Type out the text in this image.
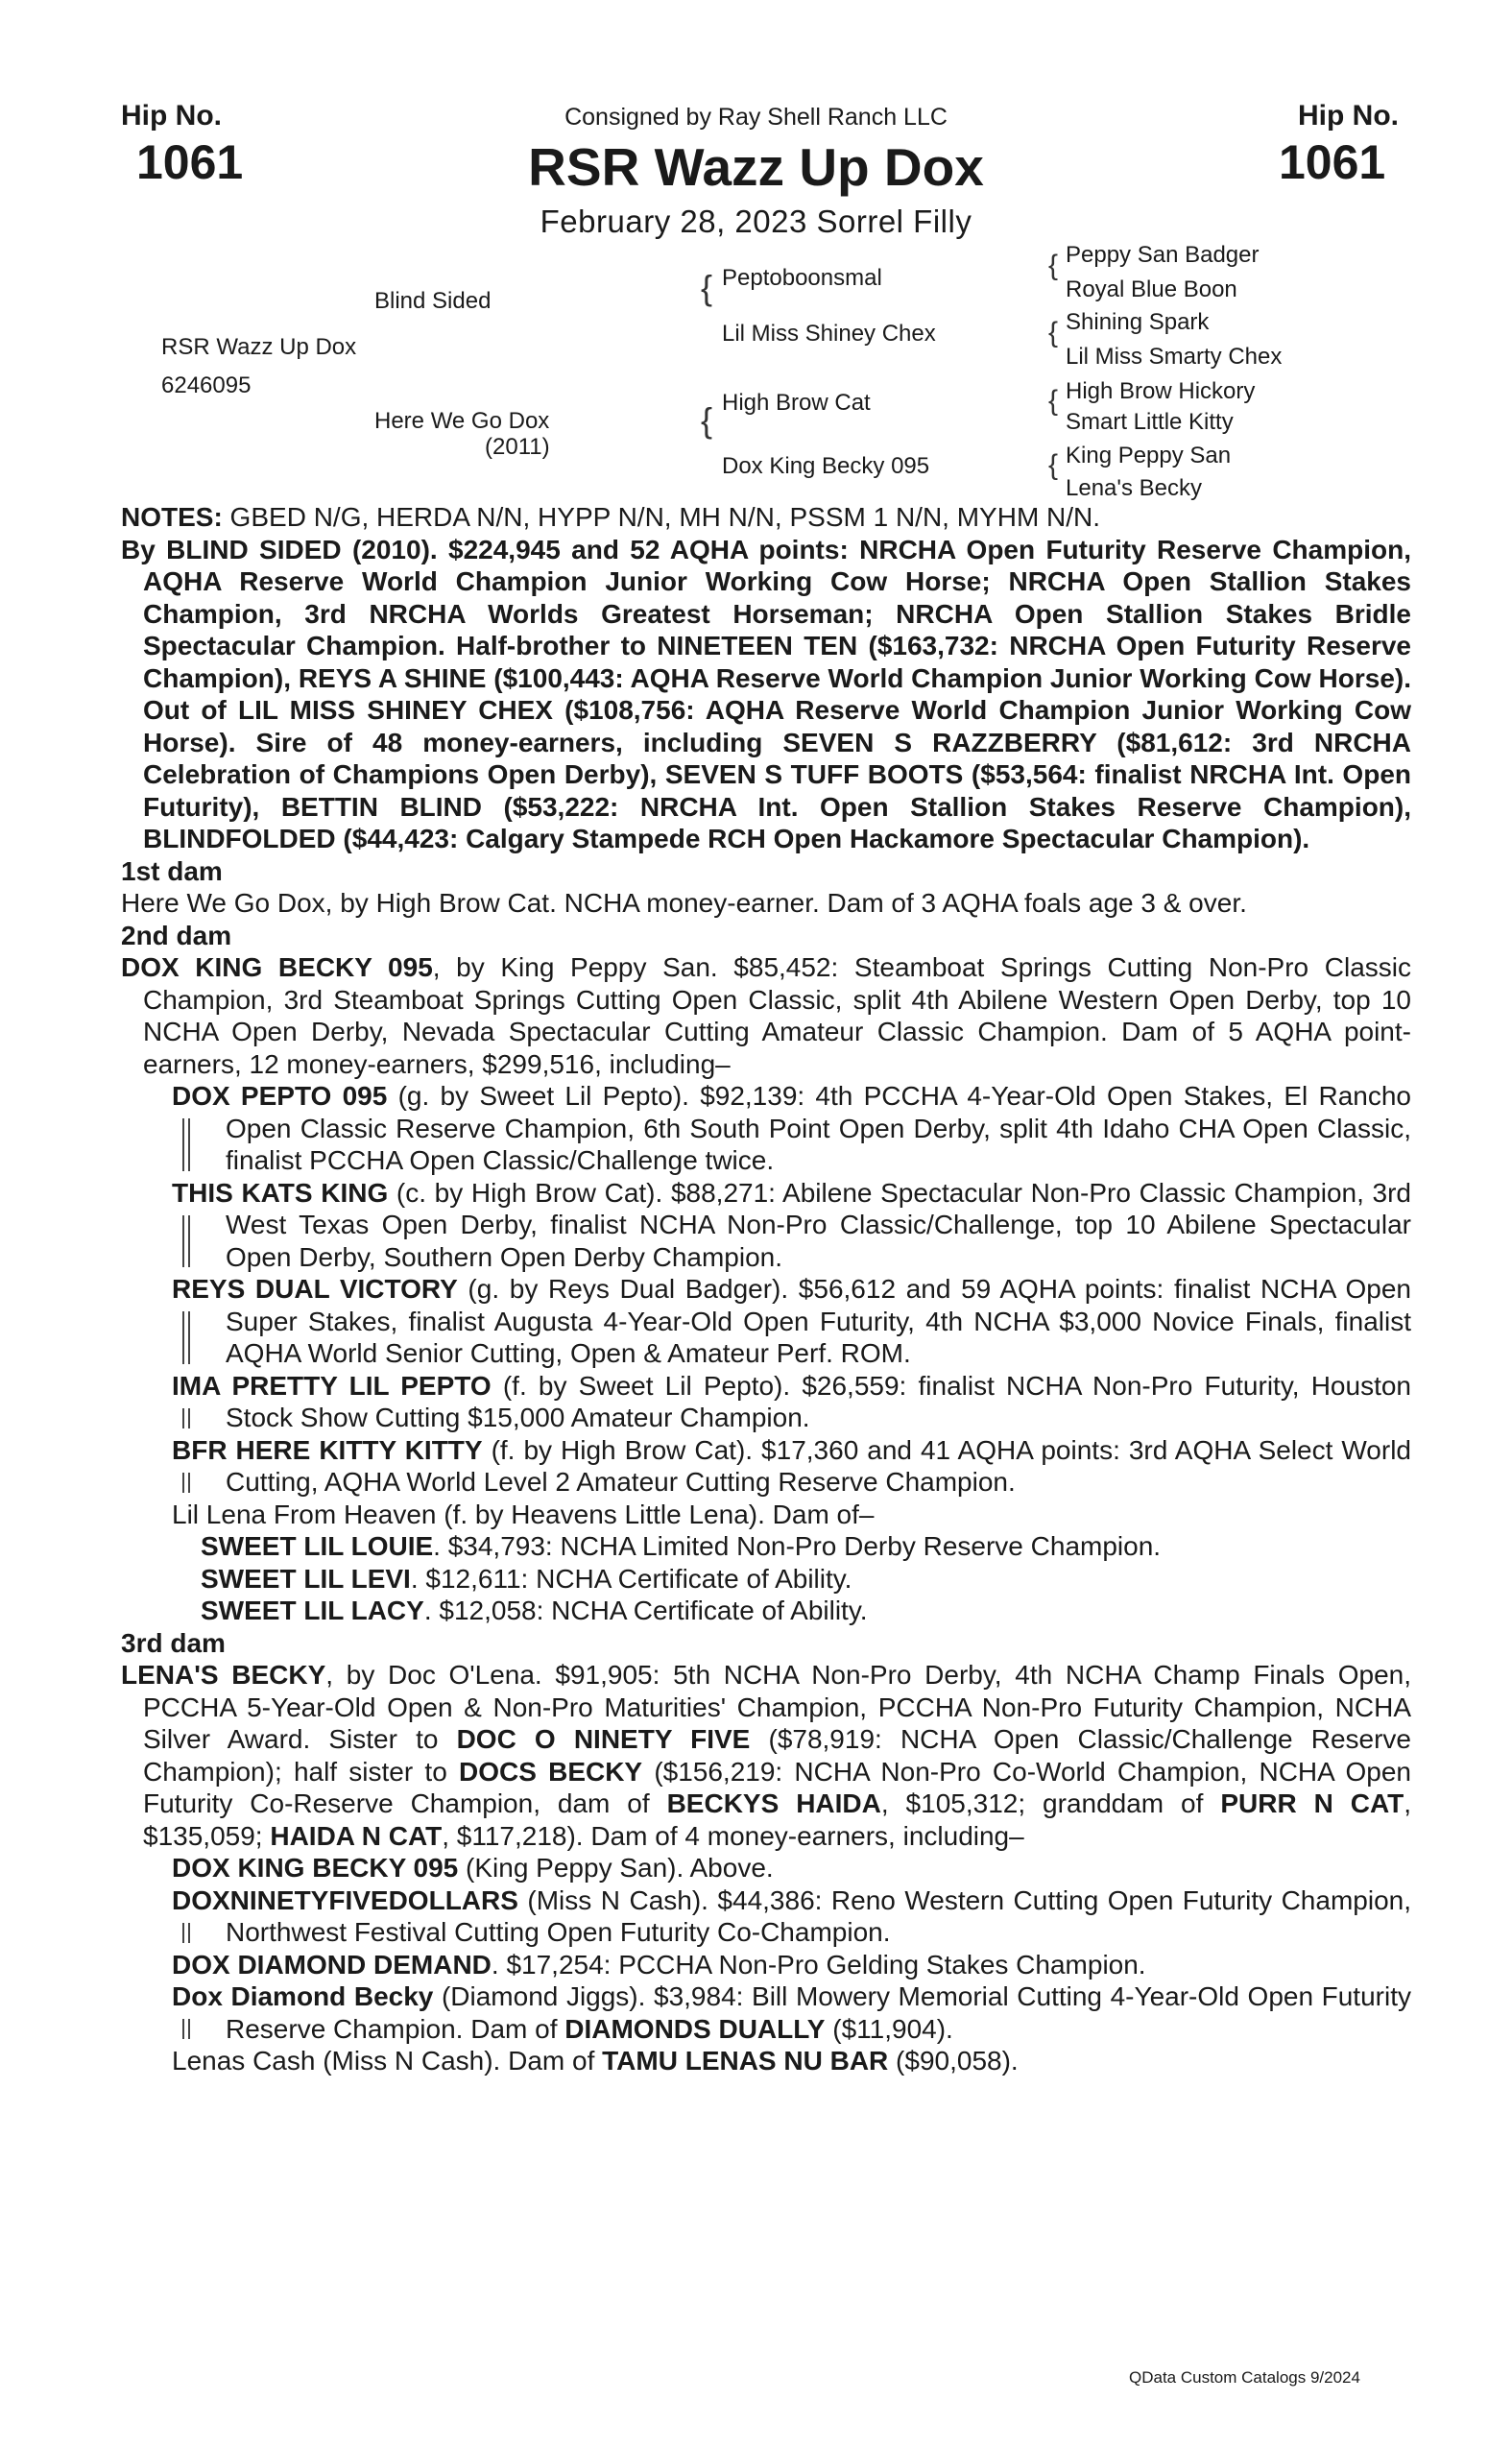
Hip No.
1061
Hip No.
1061
Consigned by Ray Shell Ranch LLC
RSR Wazz Up Dox
February 28, 2023 Sorrel Filly
RSR Wazz Up Dox
6246095
Blind Sided
Here We Go Dox
(2011)
{ Peptoboonsmal
Lil Miss Shiney Chex
{ High Brow Cat
Dox King Becky 095
{ Peppy San Badger
Royal Blue Boon
{ Shining Spark
Lil Miss Smarty Chex
{ High Brow Hickory
Smart Little Kitty
{ King Peppy San
Lena's Becky

NOTES: GBED N/G, HERDA N/N, HYPP N/N, MH N/N, PSSM 1 N/N, MYHM N/N.

By BLIND SIDED (2010). $224,945 and 52 AQHA points: NRCHA Open Futurity Reserve Champion, AQHA Reserve World Champion Junior Working Cow Horse; NRCHA Open Stallion Stakes Champion, 3rd NRCHA Worlds Greatest Horseman; NRCHA Open Stallion Stakes Bridle Spectacular Champion. Half-brother to NINETEEN TEN ($163,732: NRCHA Open Futurity Reserve Champion), REYS A SHINE ($100,443: AQHA Reserve World Champion Junior Working Cow Horse). Out of LIL MISS SHINEY CHEX ($108,756: AQHA Reserve World Champion Junior Working Cow Horse). Sire of 48 money-earners, including SEVEN S RAZZBERRY ($81,612: 3rd NRCHA Celebration of Champions Open Derby), SEVEN S TUFF BOOTS ($53,564: finalist NRCHA Int. Open Futurity), BETTIN BLIND ($53,222: NRCHA Int. Open Stallion Stakes Reserve Champion), BLINDFOLDED ($44,423: Calgary Stampede RCH Open Hackamore Spectacular Champion).

1st dam

Here We Go Dox, by High Brow Cat. NCHA money-earner. Dam of 3 AQHA foals age 3 & over.

2nd dam

DOX KING BECKY 095, by King Peppy San. $85,452: Steamboat Springs Cutting Non-Pro Classic Champion, 3rd Steamboat Springs Cutting Open Classic, split 4th Abilene Western Open Derby, top 10 NCHA Open Derby, Nevada Spectacular Cutting Amateur Classic Champion. Dam of 5 AQHA point-earners, 12 money-earners, $299,516, including–

DOX PEPTO 095 (g. by Sweet Lil Pepto). $92,139: 4th PCCHA 4-Year-Old Open Stakes, El Rancho Open Classic Reserve Champion, 6th South Point Open Derby, split 4th Idaho CHA Open Classic, finalist PCCHA Open Classic/Challenge twice.

THIS KATS KING (c. by High Brow Cat). $88,271: Abilene Spectacular Non-Pro Classic Champion, 3rd West Texas Open Derby, finalist NCHA Non-Pro Classic/Challenge, top 10 Abilene Spectacular Open Derby, Southern Open Derby Champion.

REYS DUAL VICTORY (g. by Reys Dual Badger). $56,612 and 59 AQHA points: finalist NCHA Open Super Stakes, finalist Augusta 4-Year-Old Open Futurity, 4th NCHA $3,000 Novice Finals, finalist AQHA World Senior Cutting, Open & Amateur Perf. ROM.

IMA PRETTY LIL PEPTO (f. by Sweet Lil Pepto). $26,559: finalist NCHA Non-Pro Futurity, Houston Stock Show Cutting $15,000 Amateur Champion.

BFR HERE KITTY KITTY (f. by High Brow Cat). $17,360 and 41 AQHA points: 3rd AQHA Select World Cutting, AQHA World Level 2 Amateur Cutting Reserve Champion.

Lil Lena From Heaven (f. by Heavens Little Lena). Dam of–

SWEET LIL LOUIE. $34,793: NCHA Limited Non-Pro Derby Reserve Champion.

SWEET LIL LEVI. $12,611: NCHA Certificate of Ability.

SWEET LIL LACY. $12,058: NCHA Certificate of Ability.

3rd dam

LENA'S BECKY, by Doc O'Lena. $91,905: 5th NCHA Non-Pro Derby, 4th NCHA Champ Finals Open, PCCHA 5-Year-Old Open & Non-Pro Maturities' Champion, PCCHA Non-Pro Futurity Champion, NCHA Silver Award. Sister to DOC O NINETY FIVE ($78,919: NCHA Open Classic/Challenge Reserve Champion); half sister to DOCS BECKY ($156,219: NCHA Non-Pro Co-World Champion, NCHA Open Futurity Co-Reserve Champion, dam of BECKYS HAIDA, $105,312; granddam of PURR N CAT, $135,059; HAIDA N CAT, $117,218). Dam of 4 money-earners, including–

DOX KING BECKY 095 (King Peppy San). Above.

DOXNINETYFIVEDOLLARS (Miss N Cash). $44,386: Reno Western Cutting Open Futurity Champion, Northwest Festival Cutting Open Futurity Co-Champion.

DOX DIAMOND DEMAND. $17,254: PCCHA Non-Pro Gelding Stakes Champion.

Dox Diamond Becky (Diamond Jiggs). $3,984: Bill Mowery Memorial Cutting 4-Year-Old Open Futurity Reserve Champion. Dam of DIAMONDS DUALLY ($11,904).

Lenas Cash (Miss N Cash). Dam of TAMU LENAS NU BAR ($90,058).

QData Custom Catalogs 9/2024
